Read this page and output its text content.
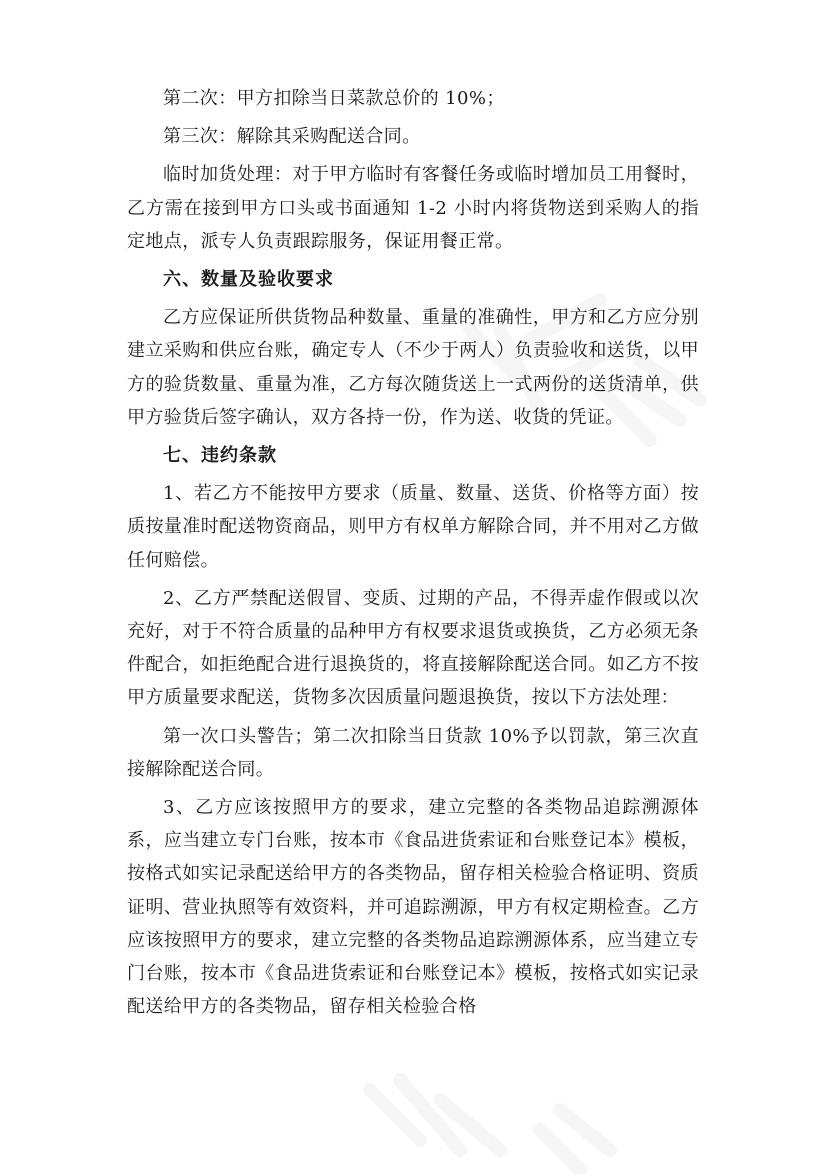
第二次：甲方扣除当日菜款总价的 10%；

第三次：解除其采购配送合同。

临时加货处理：对于甲方临时有客餐任务或临时增加员工用餐时，乙方需在接到甲方口头或书面通知 1-2 小时内将货物送到采购人的指定地点，派专人负责跟踪服务，保证用餐正常。

六、数量及验收要求

乙方应保证所供货物品种数量、重量的准确性，甲方和乙方应分别建立采购和供应台账，确定专人（不少于两人）负责验收和送货，以甲方的验货数量、重量为准，乙方每次随货送上一式两份的送货清单，供甲方验货后签字确认，双方各持一份，作为送、收货的凭证。

七、违约条款

1、若乙方不能按甲方要求（质量、数量、送货、价格等方面）按质按量准时配送物资商品，则甲方有权单方解除合同，并不用对乙方做任何赔偿。

2、乙方严禁配送假冒、变质、过期的产品，不得弄虚作假或以次充好，对于不符合质量的品种甲方有权要求退货或换货，乙方必须无条件配合，如拒绝配合进行退换货的，将直接解除配送合同。如乙方不按甲方质量要求配送，货物多次因质量问题退换货，按以下方法处理：

第一次口头警告；第二次扣除当日货款 10%予以罚款，第三次直接解除配送合同。

3、乙方应该按照甲方的要求，建立完整的各类物品追踪溯源体系，应当建立专门台账，按本市《食品进货索证和台账登记本》模板，按格式如实记录配送给甲方的各类物品，留存相关检验合格证明、资质证明、营业执照等有效资料，并可追踪溯源，甲方有权定期检查。乙方应该按照甲方的要求，建立完整的各类物品追踪溯源体系，应当建立专门台账，按本市《食品进货索证和台账登记本》模板，按格式如实记录配送给甲方的各类物品，留存相关检验合格
